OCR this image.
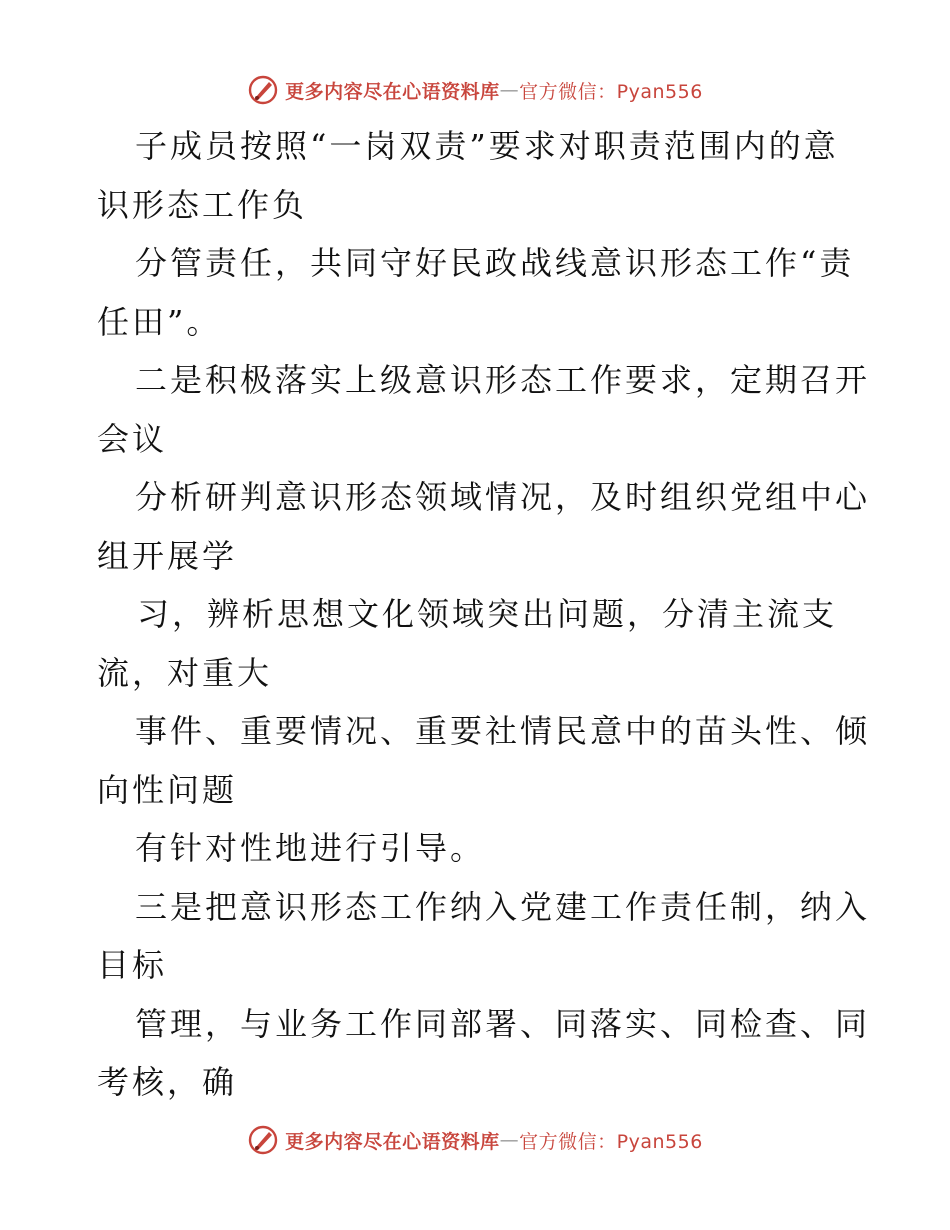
更多内容尽在心语资料库 — 官方微信：Pyan556
子成员按照“一岗双责”要求对职责范围内的意
识形态工作负
分管责任，共同守好民政战线意识形态工作“责
任田”。
二是积极落实上级意识形态工作要求，定期召开
会议
分析研判意识形态领域情况，及时组织党组中心
组开展学
习，辨析思想文化领域突出问题，分清主流支
流，对重大
事件、重要情况、重要社情民意中的苗头性、倾
向性问题
有针对性地进行引导。
三是把意识形态工作纳入党建工作责任制，纳入
目标
管理，与业务工作同部署、同落实、同检查、同
考核，确
更多内容尽在心语资料库 — 官方微信：Pyan556
